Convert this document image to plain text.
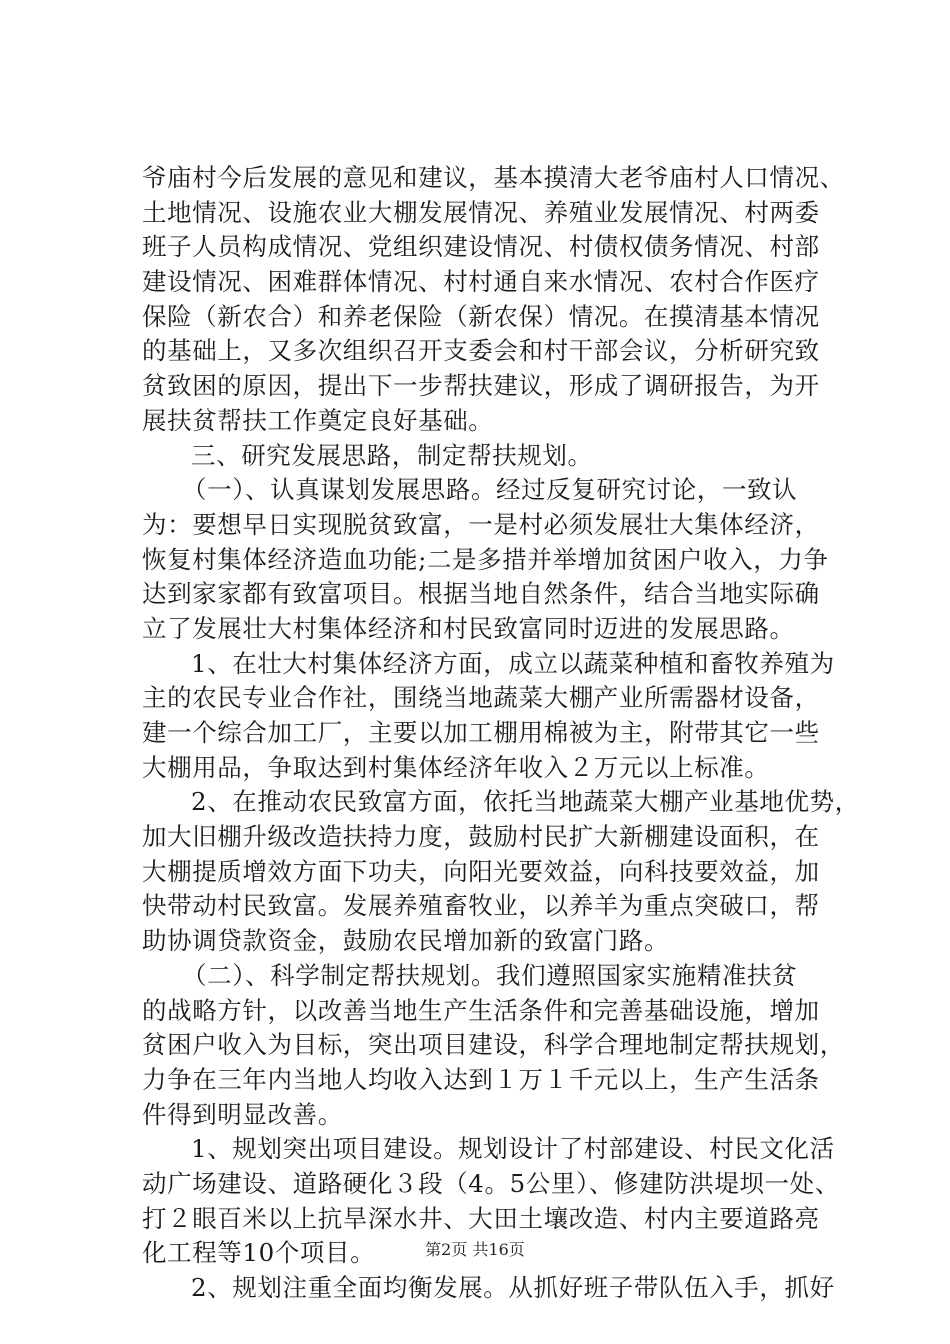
爷庙村今后发展的意见和建议，基本摸清大老爷庙村人口情况、
土地情况、设施农业大棚发展情况、养殖业发展情况、村两委
班子人员构成情况、党组织建设情况、村债权债务情况、村部
建设情况、困难群体情况、村村通自来水情况、农村合作医疗
保险（新农合）和养老保险（新农保）情况。在摸清基本情况
的基础上，又多次组织召开支委会和村干部会议，分析研究致
贫致困的原因，提出下一步帮扶建议，形成了调研报告，为开
展扶贫帮扶工作奠定良好基础。
三、研究发展思路，制定帮扶规划。
（一）、认真谋划发展思路。经过反复研究讨论，一致认
为：要想早日实现脱贫致富，一是村必须发展壮大集体经济，
恢复村集体经济造血功能;二是多措并举增加贫困户收入，力争
达到家家都有致富项目。根据当地自然条件，结合当地实际确
立了发展壮大村集体经济和村民致富同时迈进的发展思路。
1、在壮大村集体经济方面，成立以蔬菜种植和畜牧养殖为
主的农民专业合作社，围绕当地蔬菜大棚产业所需器材设备，
建一个综合加工厂，主要以加工棚用棉被为主，附带其它一些
大棚用品，争取达到村集体经济年收入２万元以上标准。
2、在推动农民致富方面，依托当地蔬菜大棚产业基地优势，
加大旧棚升级改造扶持力度，鼓励村民扩大新棚建设面积，在
大棚提质增效方面下功夫，向阳光要效益，向科技要效益，加
快带动村民致富。发展养殖畜牧业，以养羊为重点突破口，帮
助协调贷款资金，鼓励农民增加新的致富门路。
（二）、科学制定帮扶规划。我们遵照国家实施精准扶贫
的战略方针，以改善当地生产生活条件和完善基础设施，增加
贫困户收入为目标，突出项目建设，科学合理地制定帮扶规划，
力争在三年内当地人均收入达到１万１千元以上，生产生活条
件得到明显改善。
1、规划突出项目建设。规划设计了村部建设、村民文化活
动广场建设、道路硬化３段（4。5公里）、修建防洪堤坝一处、
打２眼百米以上抗旱深水井、大田土壤改造、村内主要道路亮
化工程等10个项目。
2、规划注重全面均衡发展。从抓好班子带队伍入手，抓好
第2页 共16页
